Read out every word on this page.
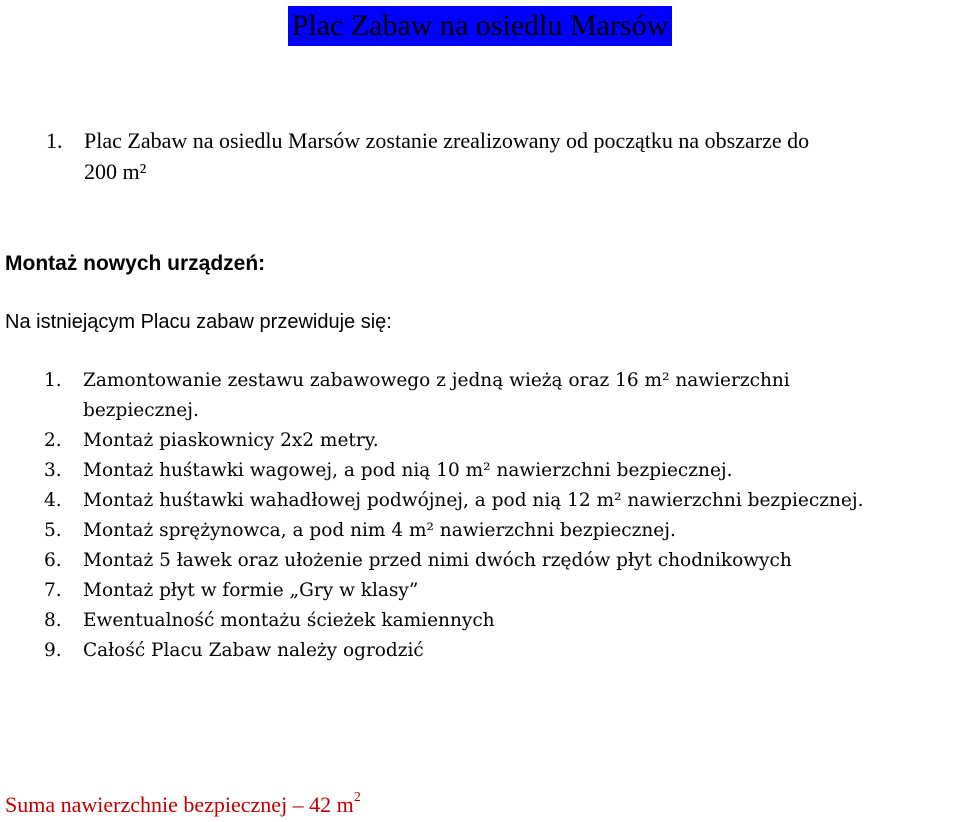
Plac Zabaw na osiedlu Marsów
1. Plac Zabaw na osiedlu Marsów zostanie zrealizowany od początku na obszarze do
200 m²
Montaż nowych urządzeń:
Na istniejącym Placu zabaw przewiduje się:
1. Zamontowanie zestawu zabawowego z jedną wieżą oraz 16 m² nawierzchni
bezpiecznej.
2. Montaż piaskownicy 2x2 metry.
3. Montaż huśtawki wagowej, a pod nią 10 m² nawierzchni bezpiecznej.
4. Montaż huśtawki wahadłowej podwójnej, a pod nią 12 m² nawierzchni bezpiecznej.
5. Montaż sprężynowca, a pod nim 4 m² nawierzchni bezpiecznej.
6. Montaż 5 ławek oraz ułożenie przed nimi dwóch rzędów płyt chodnikowych
7. Montaż płyt w formie „Gry w klasy”
8. Ewentualność montażu ścieżek kamiennych
9. Całość Placu Zabaw należy ogrodzić
Suma nawierzchnie bezpiecznej – 42 $m^2$
